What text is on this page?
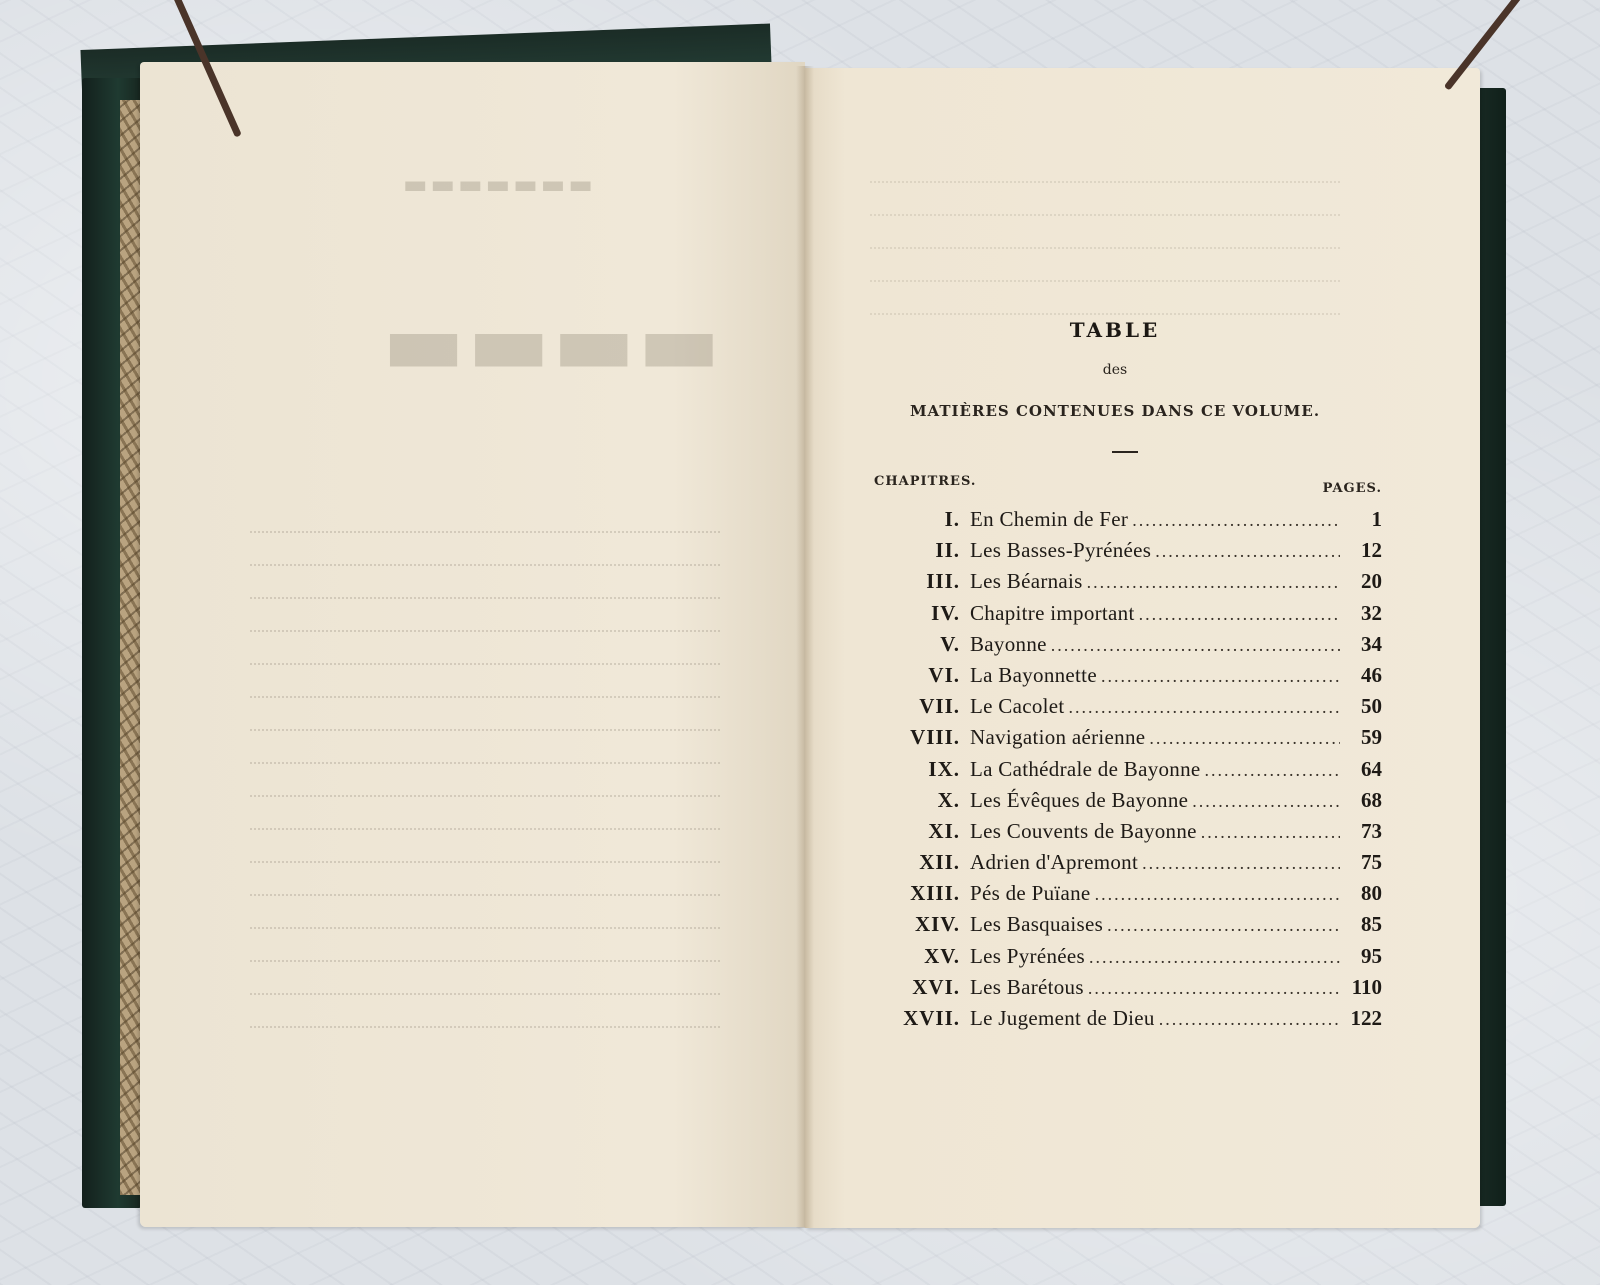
▬▬▬▬▬▬▬
▬▬▬▬	TABLE
des
MATIÈRES CONTENUES DANS CE VOLUME.
CHAPITRES.	PAGES.
I. En Chemin de Fer .....	1
II. Les Basses-Pyrénées .....	12
III. Les Béarnais .....	20
IV. Chapitre important .....	32
V. Bayonne .....	34
VI. La Bayonnette .....	46
VII. Le Cacolet .....	50
VIII. Navigation aérienne .....	59
IX. La Cathédrale de Bayonne .....	64
X. Les Évêques de Bayonne .....	68
XI. Les Couvents de Bayonne .....	73
XII. Adrien d'Apremont .....	75
XIII. Pés de Puïane .....	80
XIV. Les Basquaises .....	85
XV. Les Pyrénées .....	95
XVI. Les Barétous .....	110
XVII. Le Jugement de Dieu .....	122
